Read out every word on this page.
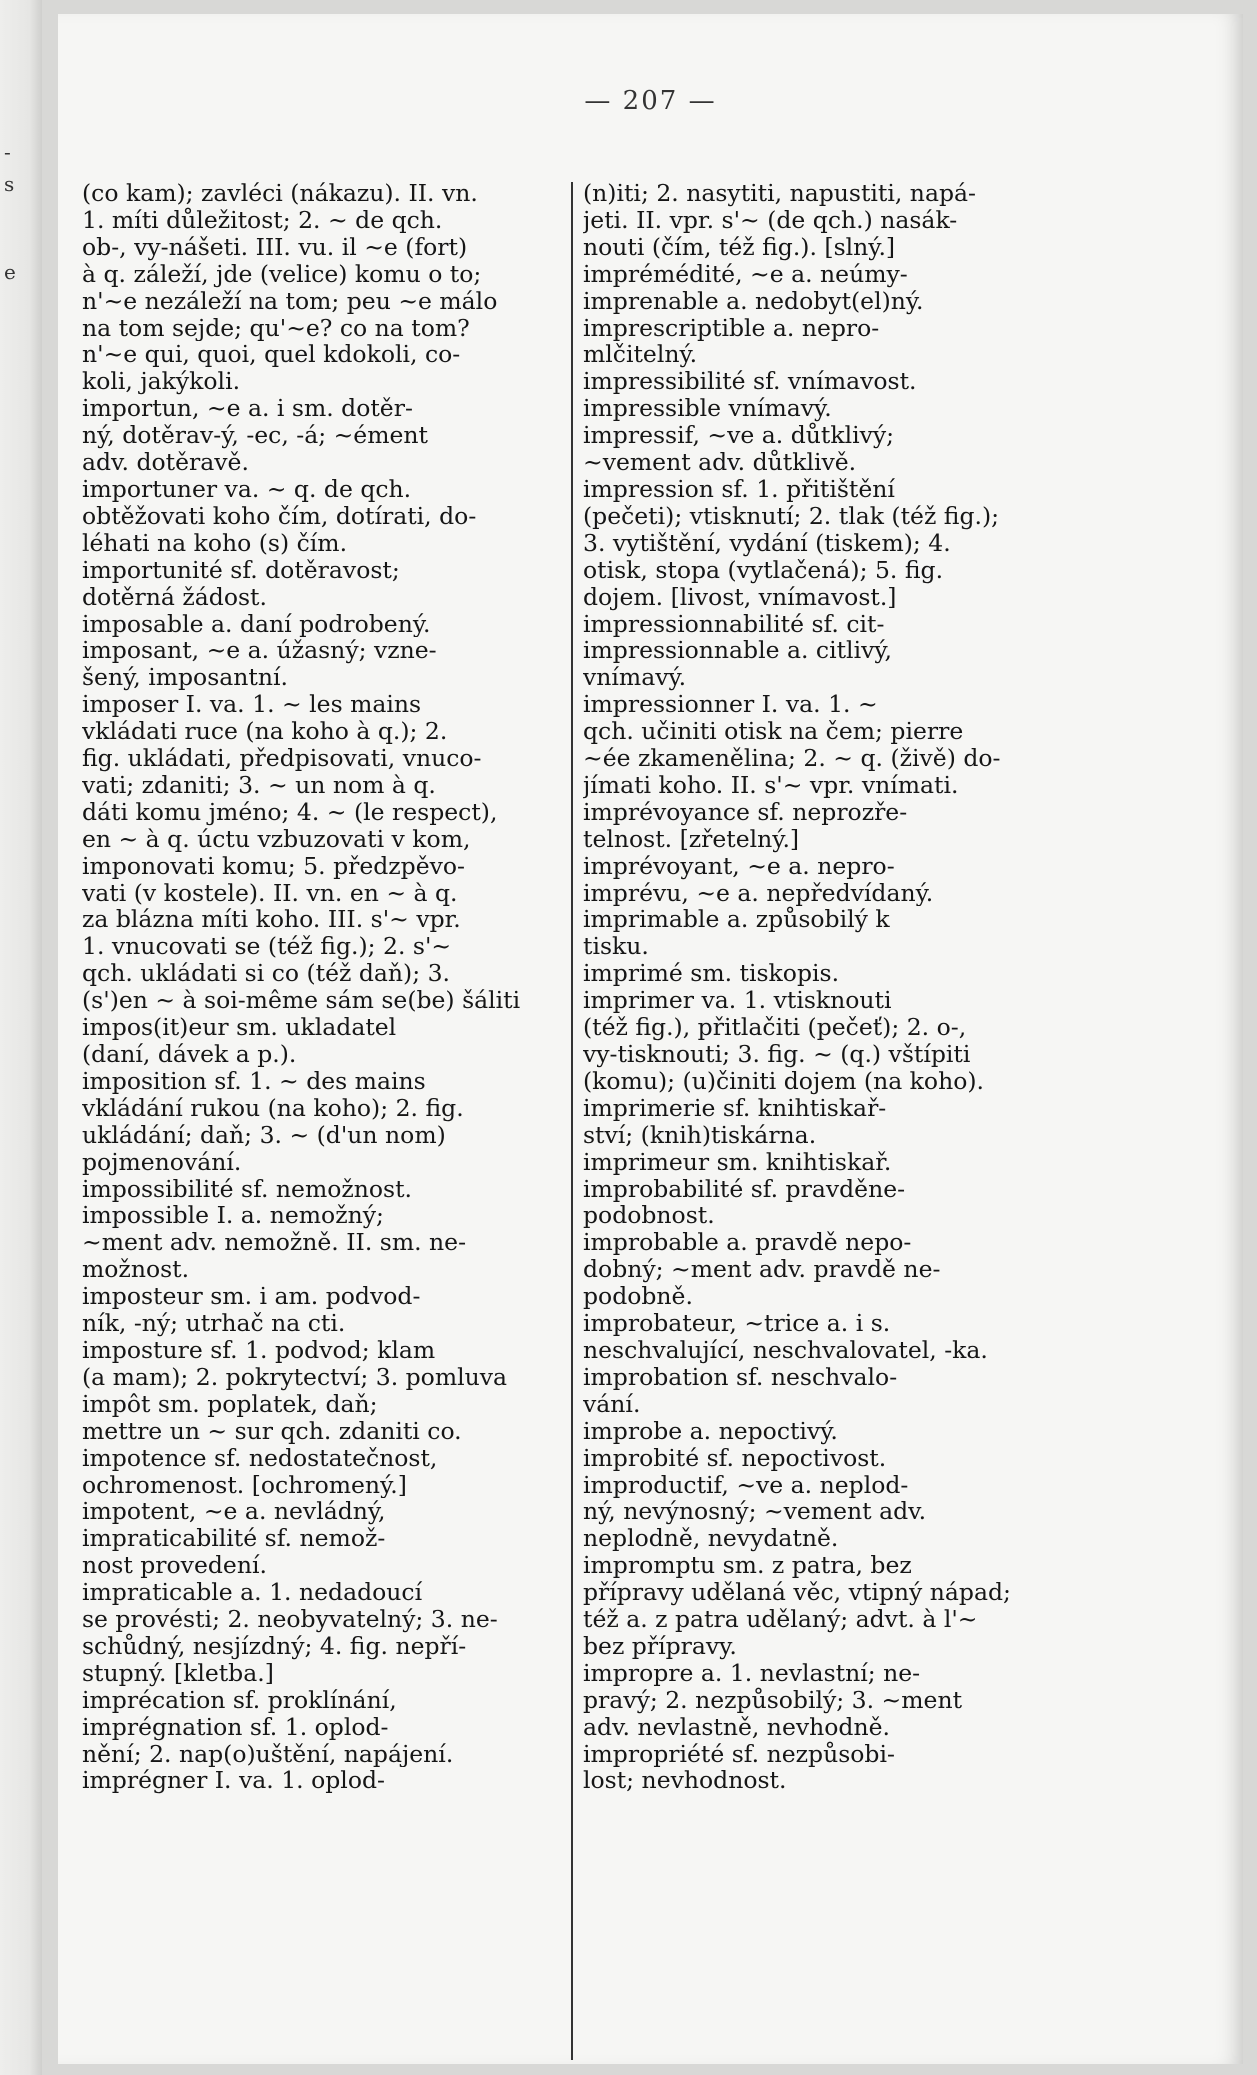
-
s
e
— 207 —
(co kam); zavléci (nákazu). II. vn.
1. míti důležitost; 2. ~ de qch.
ob-, vy-nášeti. III. vu. il ~e (fort)
à q. záleží, jde (velice) komu o to;
n'~e nezáleží na tom; peu ~e málo
na tom sejde; qu'~e? co na tom?
n'~e qui, quoi, quel kdokoli, co-
koli, jakýkoli.
importun, ~e a. i sm. dotěr-
ný, dotěrav-ý, -ec, -á; ~ément
adv. dotěravě.
importuner va. ~ q. de qch.
obtěžovati koho čím, dotírati, do-
léhati na koho (s) čím.
importunité sf. dotěravost;
dotěrná žádost.
imposable a. daní podrobený.
imposant, ~e a. úžasný; vzne-
šený, imposantní.
imposer I. va. 1. ~ les mains
vkládati ruce (na koho à q.); 2.
fig. ukládati, předpisovati, vnuco-
vati; zdaniti; 3. ~ un nom à q.
dáti komu jméno; 4. ~ (le respect),
en ~ à q. úctu vzbuzovati v kom,
imponovati komu; 5. předzpěvo-
vati (v kostele). II. vn. en ~ à q.
za blázna míti koho. III. s'~ vpr.
1. vnucovati se (též fig.); 2. s'~
qch. ukládati si co (též daň); 3.
(s')en ~ à soi-même sám se(be) šáliti
impos(it)eur sm. ukladatel
(daní, dávek a p.).
imposition sf. 1. ~ des mains
vkládání rukou (na koho); 2. fig.
ukládání; daň; 3. ~ (d'un nom)
pojmenování.
impossibilité sf. nemožnost.
impossible I. a. nemožný;
~ment adv. nemožně. II. sm. ne-
možnost.
imposteur sm. i am. podvod-
ník, -ný; utrhač na cti.
imposture sf. 1. podvod; klam
(a mam); 2. pokrytectví; 3. pomluva
impôt sm. poplatek, daň;
mettre un ~ sur qch. zdaniti co.
impotence sf. nedostatečnost,
ochromenost. [ochromený.]
impotent, ~e a. nevládný,
impraticabilité sf. nemož-
nost provedení.
impraticable a. 1. nedadoucí
se provésti; 2. neobyvatelný; 3. ne-
schůdný, nesjízdný; 4. fig. nepří-
stupný. [kletba.]
imprécation sf. proklínání,
imprégnation sf. 1. oplod-
nění; 2. nap(o)uštění, napájení.
imprégner I. va. 1. oplod-
(n)iti; 2. nasytiti, napustiti, napá-
jeti. II. vpr. s'~ (de qch.) nasák-
nouti (čím, též fig.). [slný.]
imprémédité, ~e a. neúmy-
imprenable a. nedobyt(el)ný.
imprescriptible a. nepro-
mlčitelný.
impressibilité sf. vnímavost.
impressible vnímavý.
impressif, ~ve a. důtklivý;
~vement adv. důtklivě.
impression sf. 1. přitištění
(pečeti); vtisknutí; 2. tlak (též fig.);
3. vytištění, vydání (tiskem); 4.
otisk, stopa (vytlačená); 5. fig.
dojem. [livost, vnímavost.]
impressionnabilité sf. cit-
impressionnable a. citlivý,
vnímavý.
impressionner I. va. 1. ~
qch. učiniti otisk na čem; pierre
~ée zkamenělina; 2. ~ q. (živě) do-
jímati koho. II. s'~ vpr. vnímati.
imprévoyance sf. neprozře-
telnost. [zřetelný.]
imprévoyant, ~e a. nepro-
imprévu, ~e a. nepředvídaný.
imprimable a. způsobilý k
tisku.
imprimé sm. tiskopis.
imprimer va. 1. vtisknouti
(též fig.), přitlačiti (pečeť); 2. o-,
vy-tisknouti; 3. fig. ~ (q.) vštípiti
(komu); (u)činiti dojem (na koho).
imprimerie sf. knihtiskař-
ství; (knih)tiskárna.
imprimeur sm. knihtiskař.
improbabilité sf. pravděne-
podobnost.
improbable a. pravdě nepo-
dobný; ~ment adv. pravdě ne-
podobně.
improbateur, ~trice a. i s.
neschvalující, neschvalovatel, -ka.
improbation sf. neschvalo-
vání.
improbe a. nepoctivý.
improbité sf. nepoctivost.
improductif, ~ve a. neplod-
ný, nevýnosný; ~vement adv.
neplodně, nevydatně.
impromptu sm. z patra, bez
přípravy udělaná věc, vtipný nápad;
též a. z patra udělaný; advt. à l'~
bez přípravy.
impropre a. 1. nevlastní; ne-
pravý; 2. nezpůsobilý; 3. ~ment
adv. nevlastně, nevhodně.
impropriété sf. nezpůsobi-
lost; nevhodnost.
